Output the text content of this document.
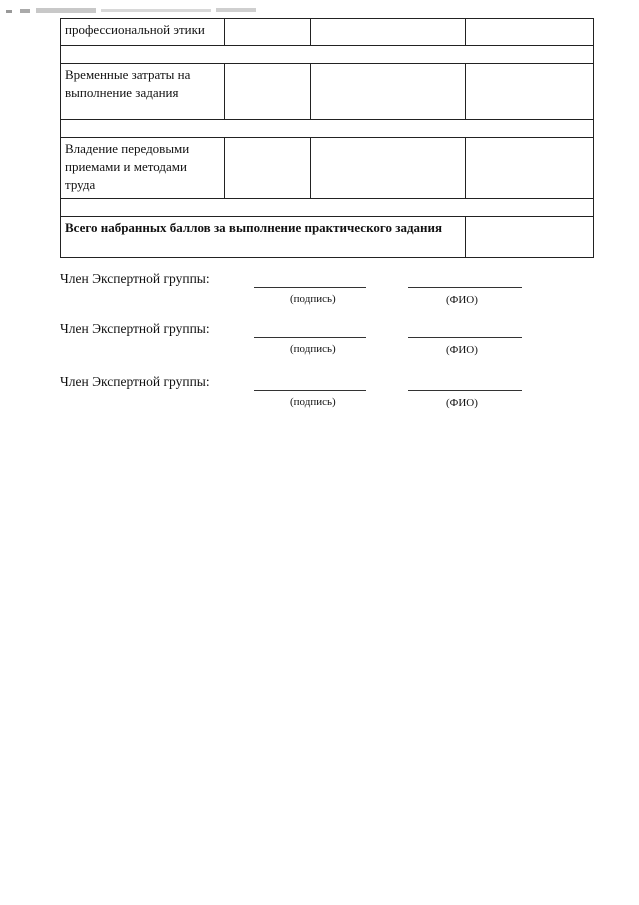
профессиональной этики			

Временные затраты на выполнение задания			

Владение передовыми приемами и методами труда			

Всего набранных баллов за выполнение практического задания			
Член Экспертной группы:
(подпись)	(ФИО)
Член Экспертной группы:
(подпись)	(ФИО)
Член Экспертной группы:
(подпись)	(ФИО)
